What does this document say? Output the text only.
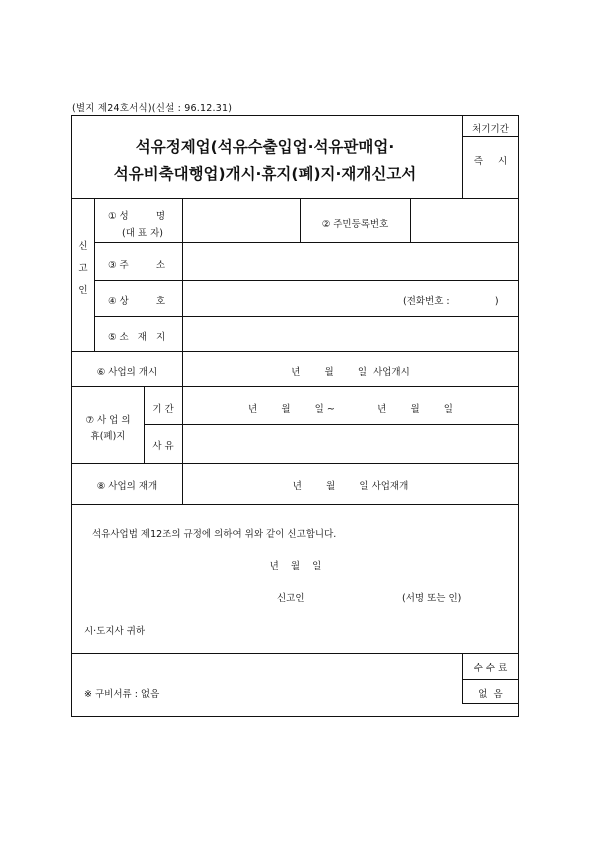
(별지 제24호서식)(신설 : 96.12.31)
석유정제업(석유수출입업·석유판매업·
석유비축대행업)개시·휴지(폐)지·재개신고서
처기기간
즉     시
신
고
인
① 성         명
(대 표 자)
② 주민등록번호
③ 주         소
④ 상         호	(전화번호 :               )
⑤ 소   재   지
⑥ 사업의 개시	년        월        일  사업개시
⑦ 사 업 의
휴(폐)지
기 간	년        월        일 ~              년        월        일
사 유
⑧ 사업의 재개	년        월        일 사업재개
석유사업법 제12조의 규정에 의하여 위와 같이 신고합니다.
년    월    일
신고인	(서명 또는 인)
시·도지사 귀하
※ 구비서류 : 없음
수 수 료
없  음
